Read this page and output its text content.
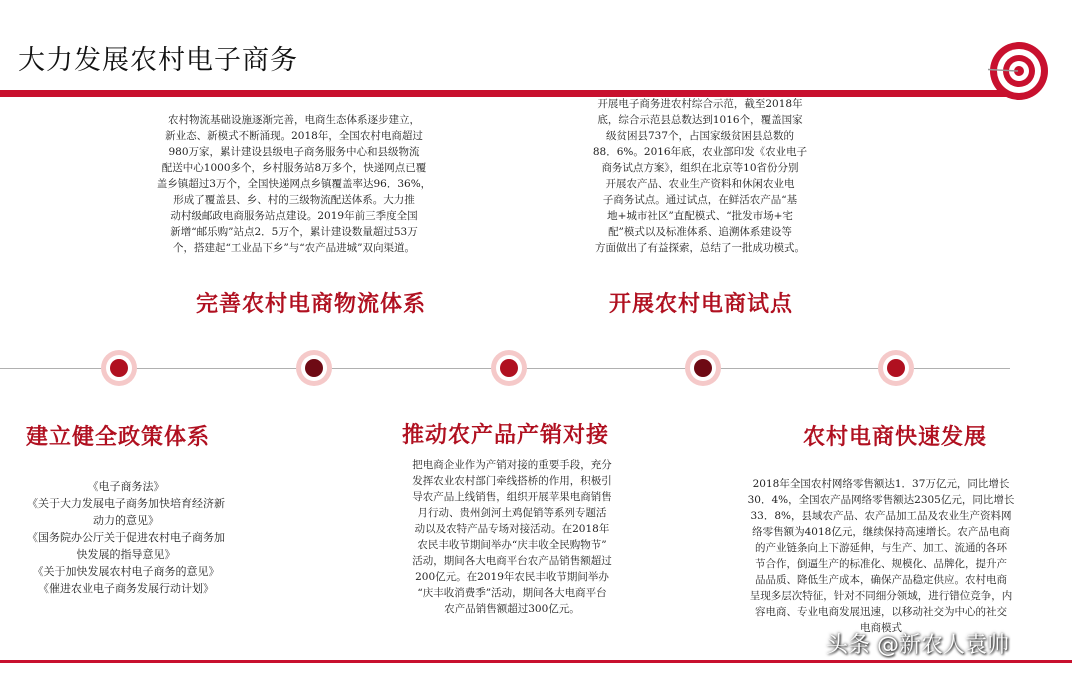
大力发展农村电子商务
农村物流基础设施逐渐完善，电商生态体系逐步建立，
新业态、新模式不断涌现。2018年，全国农村电商超过
980万家，累计建设县级电子商务服务中心和县级物流
配送中心1000多个，乡村服务站8万多个，快递网点已覆
盖乡镇超过3万个，全国快递网点乡镇覆盖率达96．36%，
形成了覆盖县、乡、村的三级物流配送体系。大力推
动村级邮政电商服务站点建设。2019年前三季度全国
新增“邮乐购”站点2．5万个，累计建设数量超过53万
个，搭建起“工业品下乡”与“农产品进城”双向渠道。
完善农村电商物流体系
开展电子商务进农村综合示范，截至2018年
底，综合示范县总数达到1016个，覆盖国家
级贫困县737个，占国家级贫困县总数的
88．6%。2016年底，农业部印发《农业电子
商务试点方案》，组织在北京等10省份分别
开展农产品、农业生产资料和休闲农业电
子商务试点。通过试点，在鲜活农产品“基
地+城市社区”直配模式、“批发市场+宅
配”模式以及标准体系、追溯体系建设等
方面做出了有益探索，总结了一批成功模式。
开展农村电商试点
建立健全政策体系
《电子商务法》
《关于大力发展电子商务加快培育经济新
动力的意见》
《国务院办公厅关于促进农村电子商务加
快发展的指导意见》
《关于加快发展农村电子商务的意见》
《催进农业电子商务发展行动计划》
推动农产品产销对接
把电商企业作为产销对接的重要手段，充分
发挥农业农村部门牵线搭桥的作用，积极引
导农产品上线销售，组织开展苹果电商销售
月行动、贵州剑河土鸡促销等系列专题活
动以及农特产品专场对接活动。在2018年
农民丰收节期间举办“庆丰收全民购物节”
活动，期间各大电商平台农产品销售额超过
200亿元。在2019年农民丰收节期间举办
“庆丰收消费季”活动，期间各大电商平台
农产品销售额超过300亿元。
农村电商快速发展
2018年全国农村网络零售额达1．37万亿元，同比增长
30．4%，全国农产品网络零售额达2305亿元，同比增长
33．8%，县域农产品、农产品加工品及农业生产资料网
络零售额为4018亿元，继续保持高速增长。农产品电商
的产业链条向上下游延伸，与生产、加工、流通的各环
节合作，倒逼生产的标准化、规模化、品牌化，提升产
品品质、降低生产成本，确保产品稳定供应。农村电商
呈现多层次特征，针对不同细分领域，进行错位竞争，内
容电商、专业电商发展迅速，以移动社交为中心的社交
电商模式
头条 @新农人袁帅
